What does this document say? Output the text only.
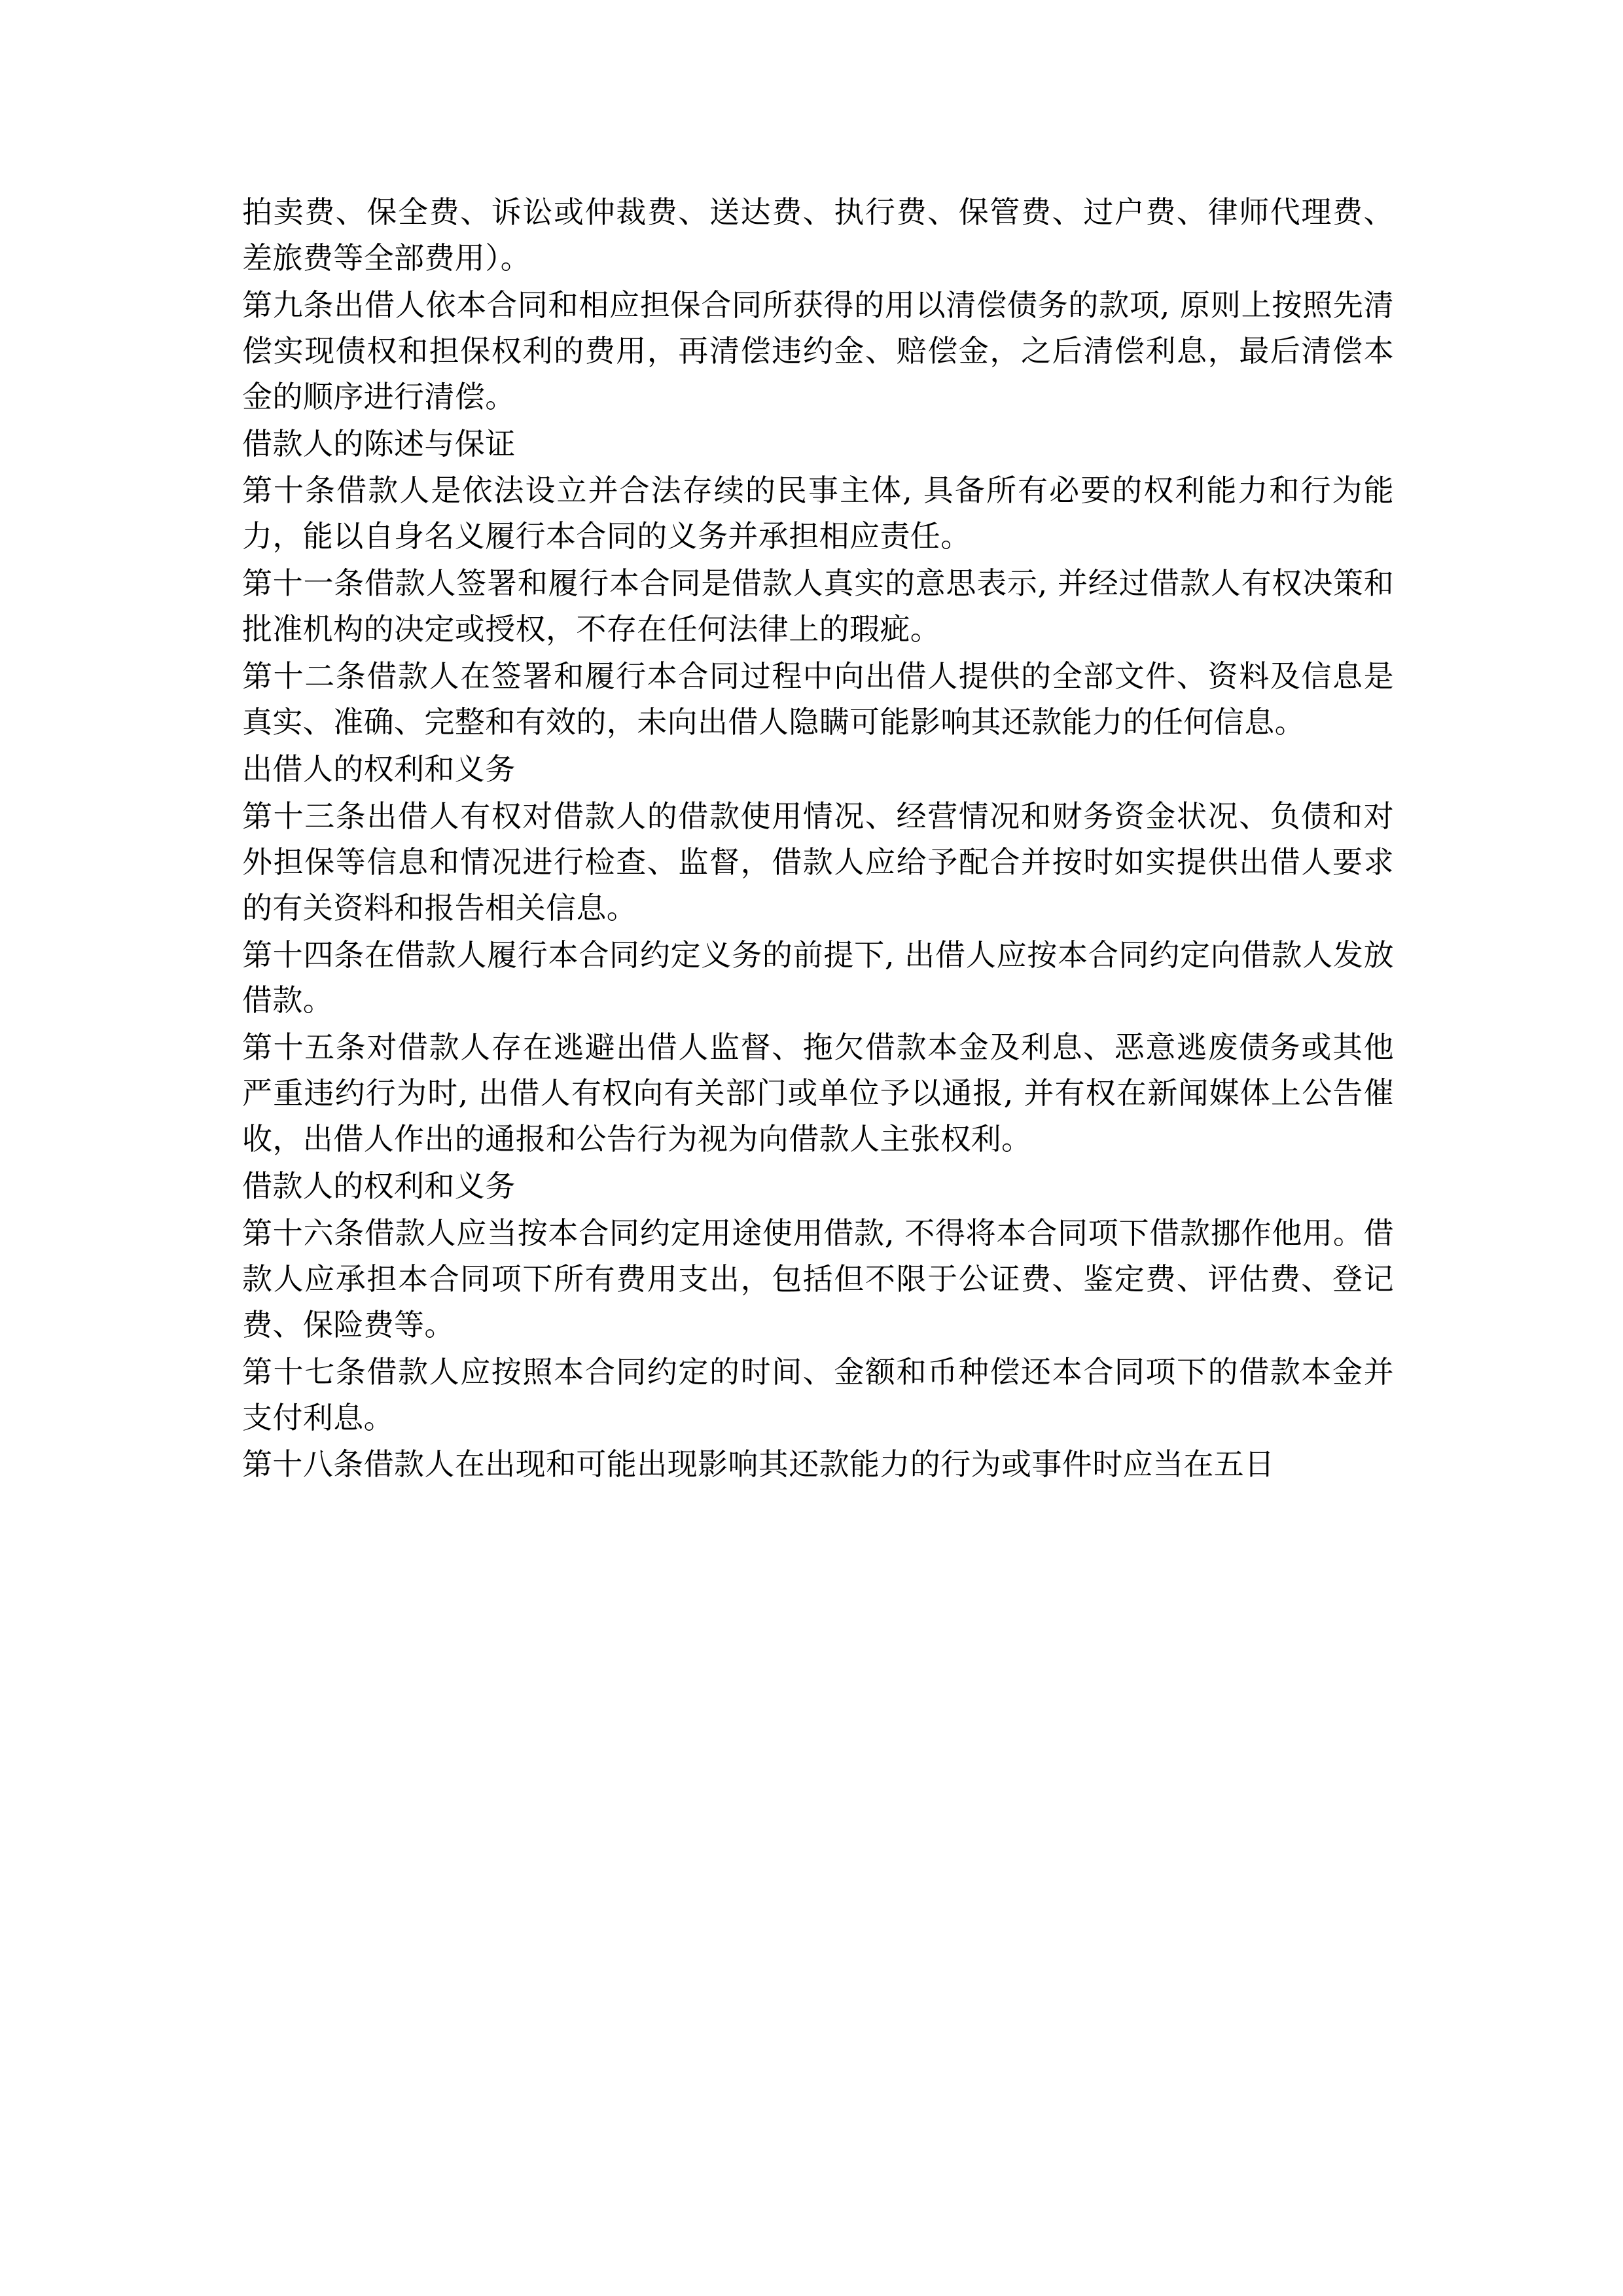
拍卖费、保全费、诉讼或仲裁费、送达费、执行费、保管费、过户费、律师代理费、差旅费等全部费用）。

第九条出借人依本合同和相应担保合同所获得的用以清偿债务的款项, 原则上按照先清偿实现债权和担保权利的费用，再清偿违约金、赔偿金，之后清偿利息，最后清偿本金的顺序进行清偿。

借款人的陈述与保证

第十条借款人是依法设立并合法存续的民事主体, 具备所有必要的权利能力和行为能力，能以自身名义履行本合同的义务并承担相应责任。

第十一条借款人签署和履行本合同是借款人真实的意思表示, 并经过借款人有权决策和批准机构的决定或授权，不存在任何法律上的瑕疵。

第十二条借款人在签署和履行本合同过程中向出借人提供的全部文件、资料及信息是真实、准确、完整和有效的，未向出借人隐瞒可能影响其还款能力的任何信息。

出借人的权利和义务

第十三条出借人有权对借款人的借款使用情况、经营情况和财务资金状况、负债和对外担保等信息和情况进行检查、监督，借款人应给予配合并按时如实提供出借人要求的有关资料和报告相关信息。

第十四条在借款人履行本合同约定义务的前提下, 出借人应按本合同约定向借款人发放借款。

第十五条对借款人存在逃避出借人监督、拖欠借款本金及利息、恶意逃废债务或其他严重违约行为时, 出借人有权向有关部门或单位予以通报, 并有权在新闻媒体上公告催收，出借人作出的通报和公告行为视为向借款人主张权利。

借款人的权利和义务

第十六条借款人应当按本合同约定用途使用借款, 不得将本合同项下借款挪作他用。借款人应承担本合同项下所有费用支出，包括但不限于公证费、鉴定费、评估费、登记费、保险费等。

第十七条借款人应按照本合同约定的时间、金额和币种偿还本合同项下的借款本金并支付利息。

第十八条借款人在出现和可能出现影响其还款能力的行为或事件时应当在五日
